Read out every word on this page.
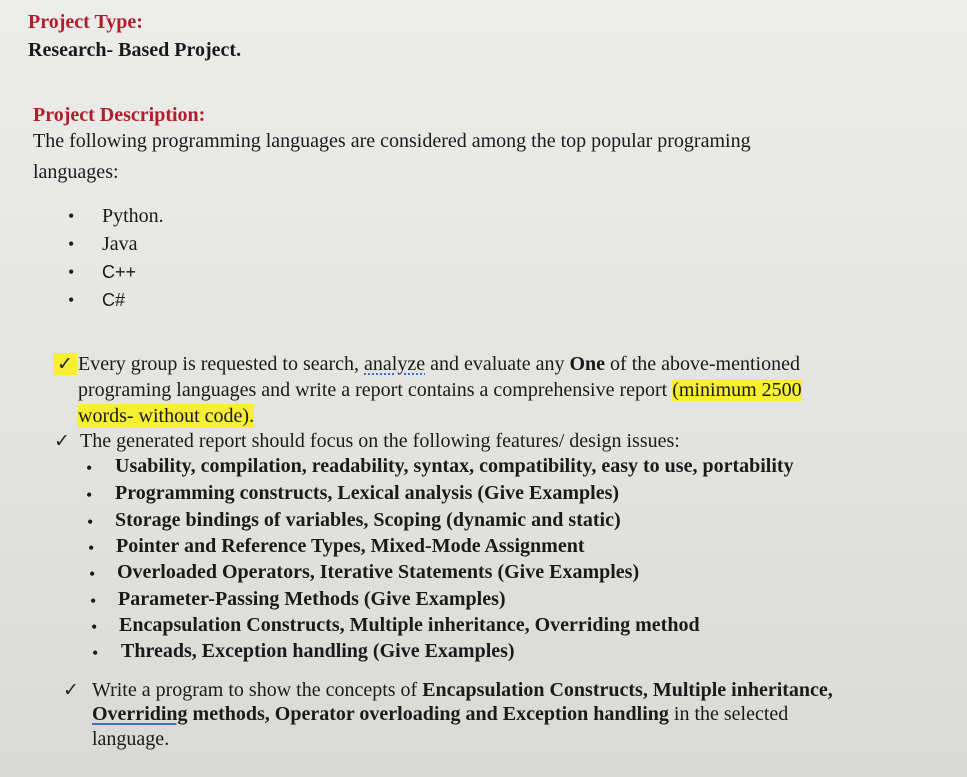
Project Type:
Research- Based Project.
Project Description:
The following programming languages are considered among the top popular programing
languages:
• Python.
• Java
• C++
• C#
✓ Every group is requested to search, analyze and evaluate any One of the above-mentioned
programing languages and write a report contains a comprehensive report (minimum 2500
words- without code).
✓ The generated report should focus on the following features/ design issues:
• Usability, compilation, readability, syntax, compatibility, easy to use, portability
• Programming constructs, Lexical analysis (Give Examples)
• Storage bindings of variables, Scoping (dynamic and static)
• Pointer and Reference Types, Mixed-Mode Assignment
• Overloaded Operators, Iterative Statements (Give Examples)
• Parameter-Passing Methods (Give Examples)
• Encapsulation Constructs, Multiple inheritance, Overriding method
• Threads, Exception handling (Give Examples)
✓ Write a program to show the concepts of Encapsulation Constructs, Multiple inheritance,
Overriding methods, Operator overloading and Exception handling in the selected
language.
